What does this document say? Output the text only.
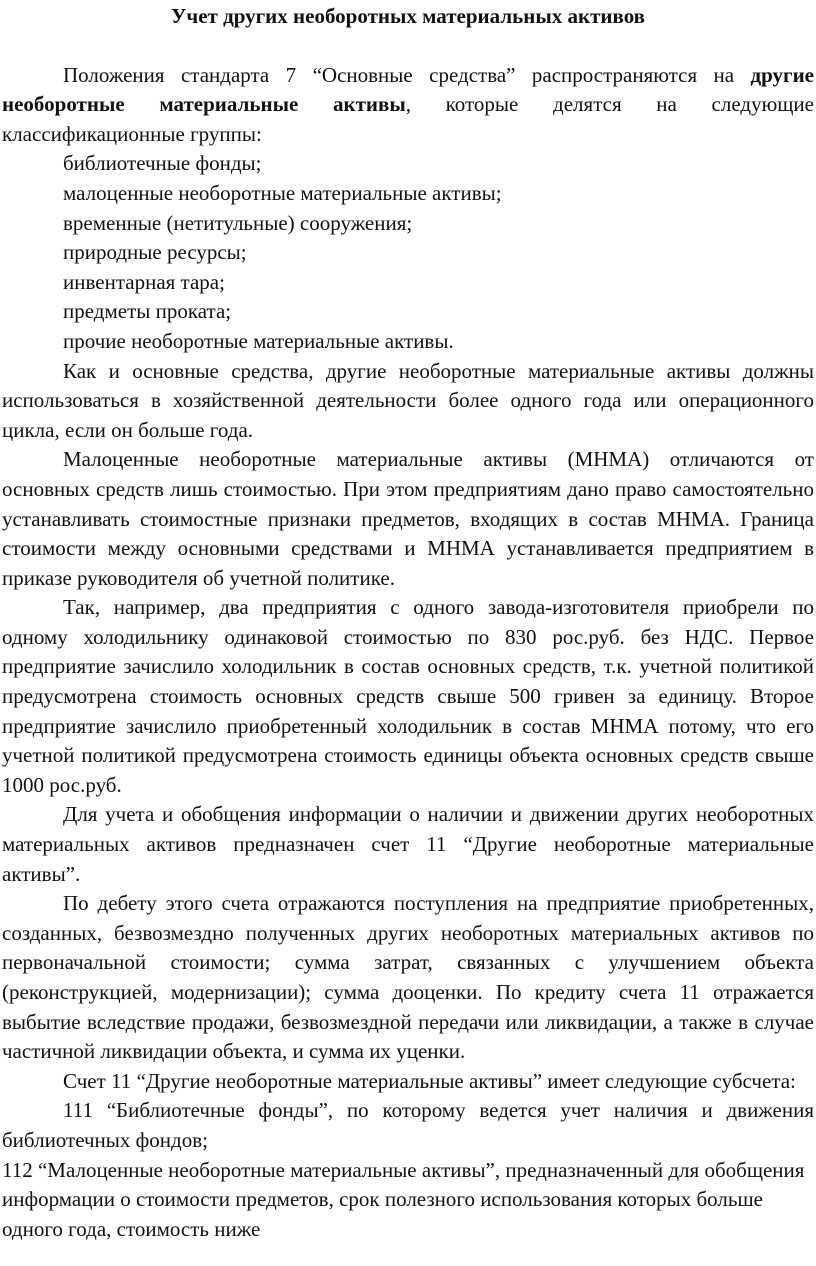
Учет других необоротных материальных активов

Положения стандарта 7 “Основные средства” распространяются на другие необоротные материальные активы, которые делятся на следующие классификационные группы:

библиотечные фонды;
малоценные необоротные материальные активы;
временные (нетитульные) сооружения;
природные ресурсы;
инвентарная тара;
предметы проката;
прочие необоротные материальные активы.

Как и основные средства, другие необоротные материальные активы должны использоваться в хозяйственной деятельности более одного года или операционного цикла, если он больше года.

Малоценные необоротные материальные активы (МНМА) отличаются от основных средств лишь стоимостью. При этом предприятиям дано право самостоятельно устанавливать стоимостные признаки предметов, входящих в состав МНМА. Граница стоимости между основными средствами и МНМА устанавливается предприятием в приказе руководителя об учетной политике.

Так, например, два предприятия с одного завода-изготовителя приобрели по одному холодильнику одинаковой стоимостью по 830 рос.руб. без НДС. Первое предприятие зачислило холодильник в состав основных средств, т.к. учетной политикой предусмотрена стоимость основных средств свыше 500 гривен за единицу. Второе предприятие зачислило приобретенный холодильник в состав МНМА потому, что его учетной политикой предусмотрена стоимость единицы объекта основных средств свыше 1000 рос.руб.

Для учета и обобщения информации о наличии и движении других необоротных материальных активов предназначен счет 11 “Другие необоротные материальные активы”.

По дебету этого счета отражаются поступления на предприятие приобретенных, созданных, безвозмездно полученных других необоротных материальных активов по первоначальной стоимости; сумма затрат, связанных с улучшением объекта (реконструкцией, модернизации); сумма дооценки. По кредиту счета 11 отражается выбытие вследствие продажи, безвозмездной передачи или ликвидации, а также в случае частичной ликвидации объекта, и сумма их уценки.

Счет 11 “Другие необоротные материальные активы” имеет следующие субсчета:

111 “Библиотечные фонды”, по которому ведется учет наличия и движения библиотечных фондов;

112 “Малоценные необоротные материальные активы”, предназначенный для обобщения информации о стоимости предметов, срок полезного использования которых больше одного года, стоимость ниже
